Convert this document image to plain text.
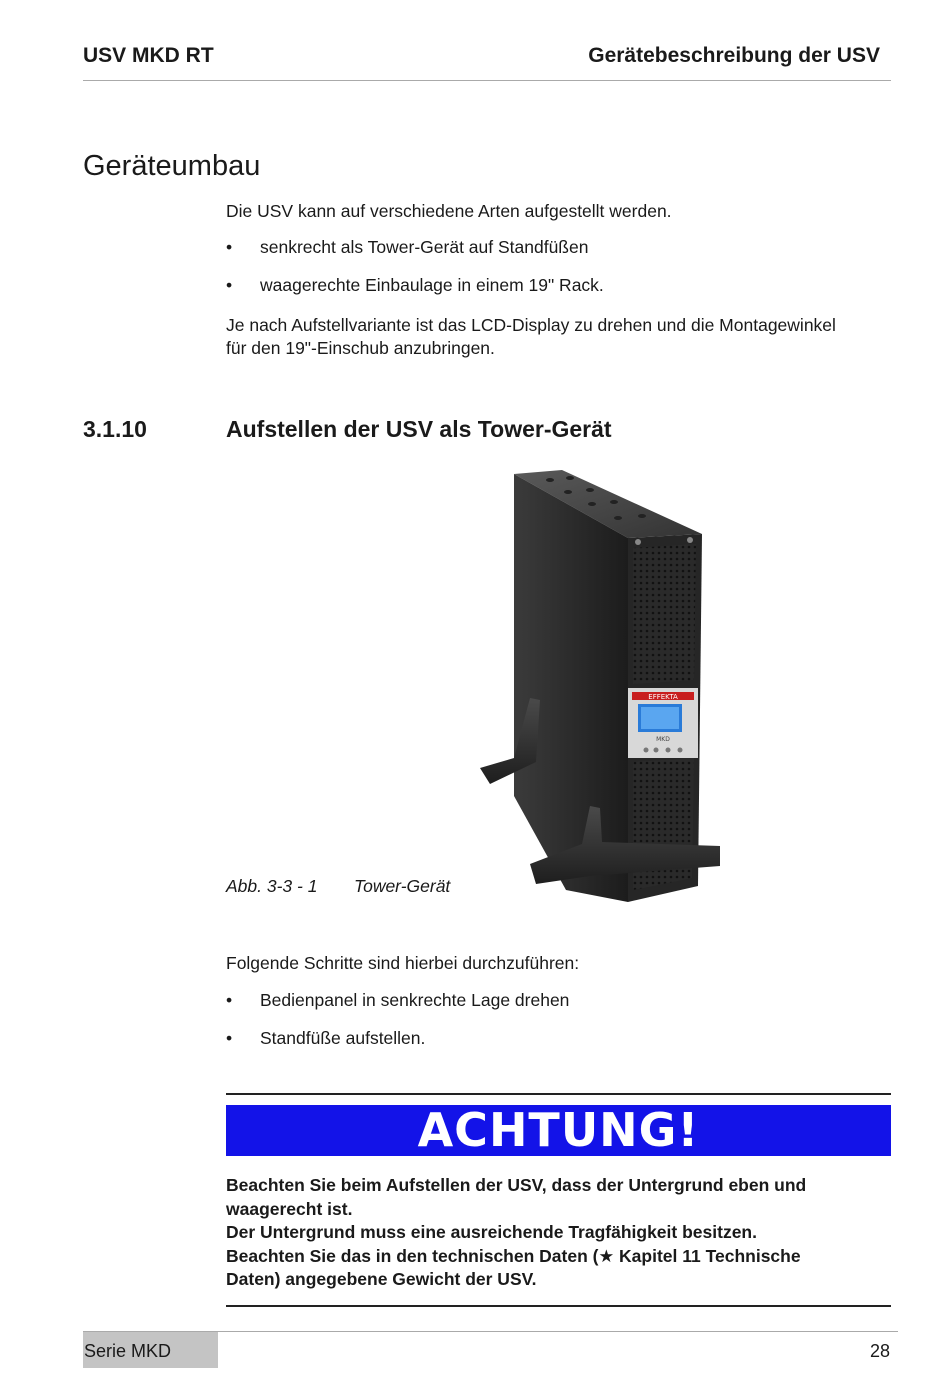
USV MKD RT	Gerätebeschreibung der USV
Geräteumbau
Die USV kann auf verschiedene Arten aufgestellt werden.
• senkrecht als Tower-Gerät auf Standfüßen
• waagerechte Einbaulage in einem 19" Rack.
Je nach Aufstellvariante ist das LCD-Display zu drehen und die Montagewinkel
für den 19"-Einschub anzubringen.
3.1.10	Aufstellen der USV als Tower-Gerät
EFFEKTA
MKD
Abb. 3-3 - 1 Tower-Gerät
Folgende Schritte sind hierbei durchzuführen:
• Bedienpanel in senkrechte Lage drehen
• Standfüße aufstellen.
ACHTUNG!
Beachten Sie beim Aufstellen der USV, dass der Untergrund eben und
waagerecht ist.
Der Untergrund muss eine ausreichende Tragfähigkeit besitzen.
Beachten Sie das in den technischen Daten (★ Kapitel 11 Technische
Daten) angegebene Gewicht der USV.
Serie MKD	28
